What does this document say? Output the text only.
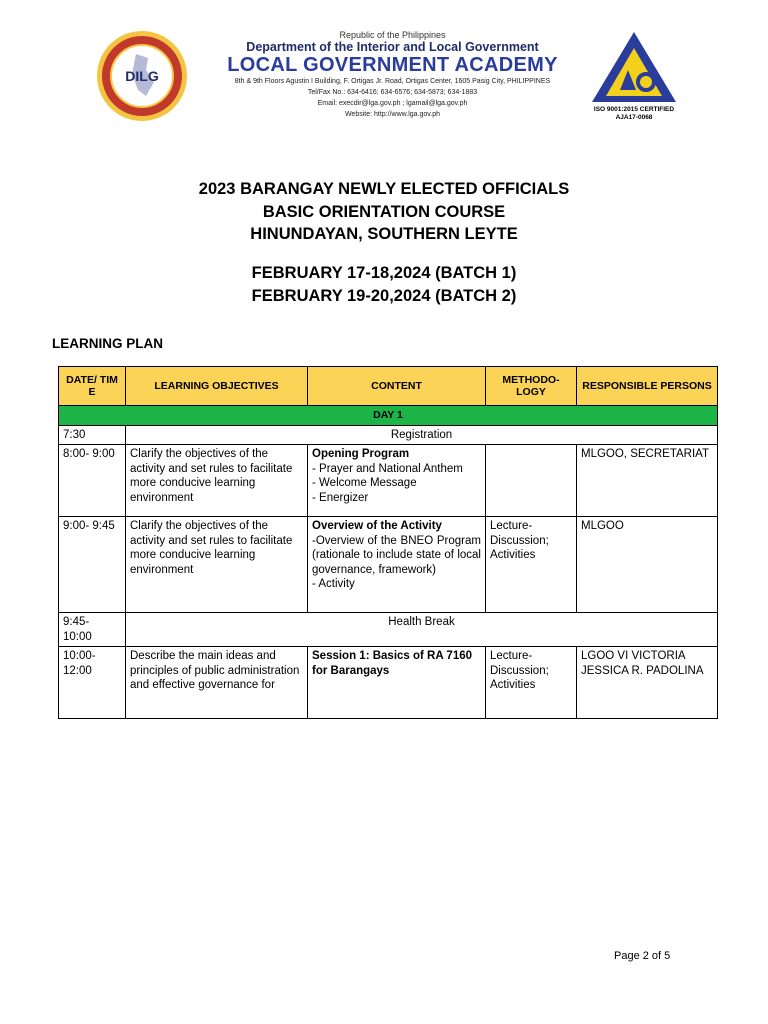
DILG
Republic of the Philippines
Department of the Interior and Local Government
LOCAL GOVERNMENT ACADEMY
8th & 9th Floors Agustin I Building, F. Ortigas Jr. Road, Ortigas Center, 1605 Pasig City, PHILIPPINES
Tel/Fax No.: 634-6416; 634-6576; 634-5873; 634-1883
Email: execdir@lga.gov.ph ; lgamail@lga.gov.ph
Website: http://www.lga.gov.ph
ISO 9001:2015 CERTIFIED
AJA17-0068
2023 BARANGAY NEWLY ELECTED OFFICIALS
BASIC ORIENTATION COURSE
HINUNDAYAN, SOUTHERN LEYTE
FEBRUARY 17-18,2024 (BATCH 1)
FEBRUARY 19-20,2024 (BATCH 2)
LEARNING PLAN
DATE/ TIM E	LEARNING OBJECTIVES	CONTENT	METHODO- LOGY	RESPONSIBLE PERSONS
DAY 1				
7:30	Registration			
8:00- 9:00	Clarify the objectives of the activity and set rules to facilitate more conducive learning environment	Opening Program
- Prayer and National Anthem
- Welcome Message
- Energizer		MLGOO, SECRETARIAT
9:00- 9:45	Clarify the objectives of the activity and set rules to facilitate more conducive learning environment	Overview of the Activity
-Overview of the BNEO Program (rationale to include state of local governance, framework)
- Activity	Lecture- Discussion; Activities	MLGOO
9:45- 10:00	Health Break			
10:00- 12:00	Describe the main ideas and principles of public administration and effective governance for	Session 1: Basics of RA 7160 for Barangays	Lecture- Discussion; Activities	LGOO VI VICTORIA JESSICA R. PADOLINA
Page 2 of 5
